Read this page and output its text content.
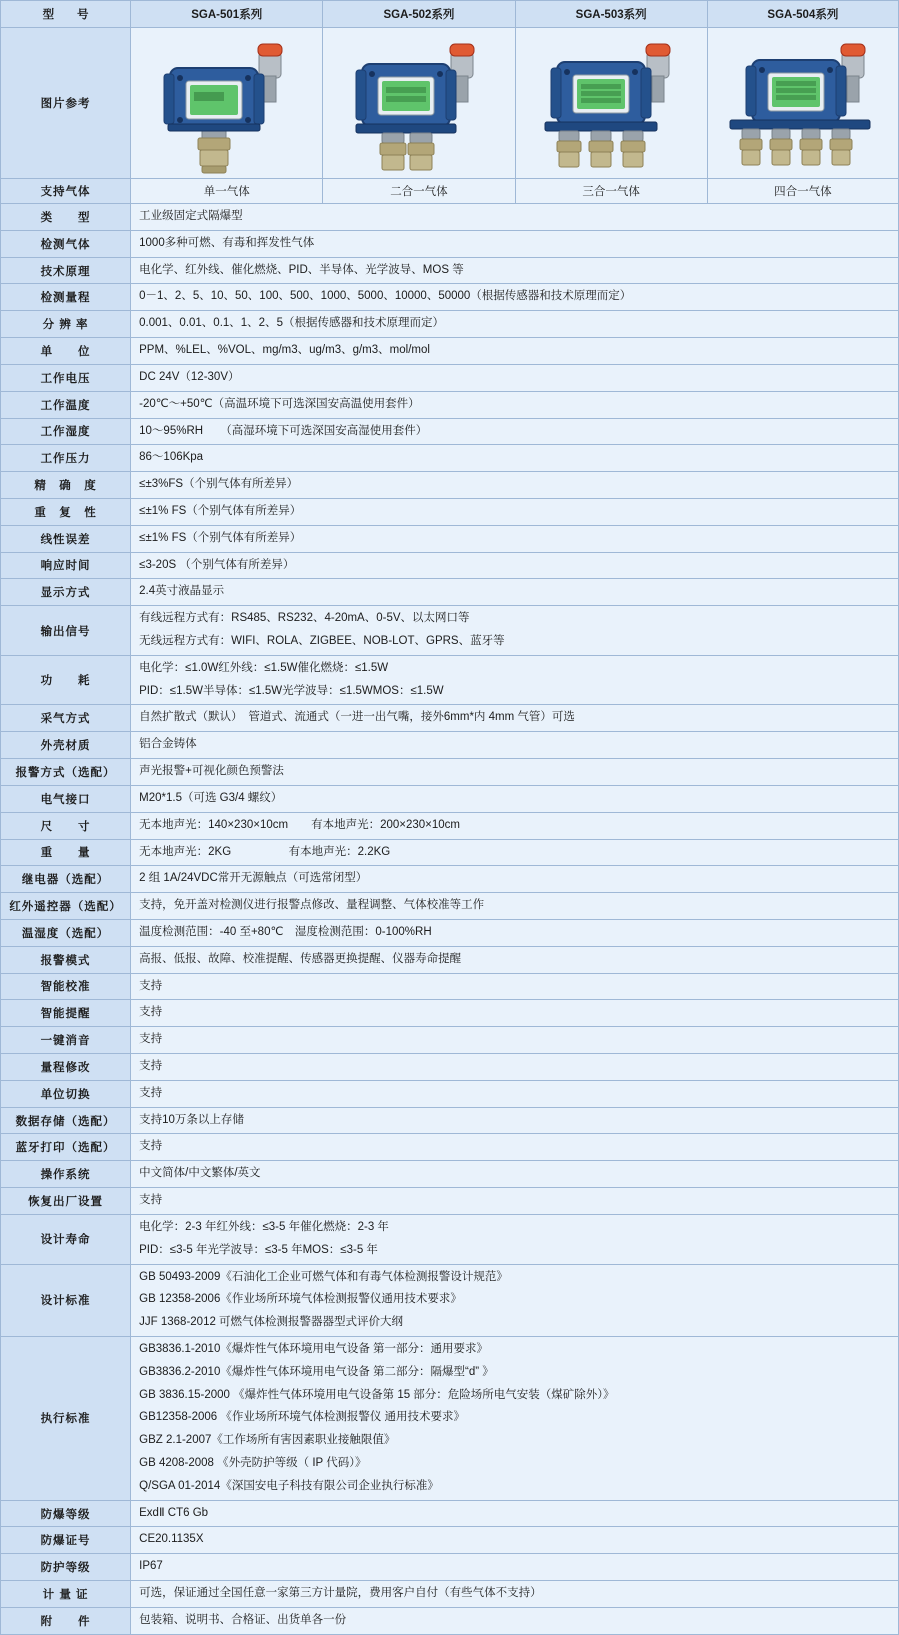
型　　号	SGA-501系列	SGA-502系列	SGA-503系列	SGA-504系列
图片参考	

支持气体	单一气体	二合一气体	三合一气体	四合一气体
类　　型	工业级固定式隔爆型			
检测气体	1000多种可燃、有毒和挥发性气体			
技术原理	电化学、红外线、催化燃烧、PID、半导体、光学波导、MOS 等			
检测量程	0－1、2、5、10、50、100、500、1000、5000、10000、50000（根据传感器和技术原理而定）			
分 辨 率	0.001、0.01、0.1、1、2、5（根据传感器和技术原理而定）			
单　　位	PPM、%LEL、%VOL、mg/m3、ug/m3、g/m3、mol/mol			
工作电压	DC 24V（12-30V）			
工作温度	-20℃～+50℃（高温环境下可选深国安高温使用套件）			
工作湿度	10～95%RH　　（高湿环境下可选深国安高湿使用套件）			
工作压力	86～106Kpa			
精　确　度	≤±3%FS（个别气体有所差异）			
重　复　性	≤±1% FS（个别气体有所差异）			
线性误差	≤±1% FS（个别气体有所差异）			
响应时间	≤3-20S （个别气体有所差异）			
显示方式	2.4英寸液晶显示			
输出信号	有线远程方式有：RS485、RS232、4-20mA、0-5V、以太网口等
无线远程方式有：WIFI、ROLA、ZIGBEE、NOB-LOT、GPRS、蓝牙等			

功　　耗	电化学：≤1.0W红外线：≤1.5W催化燃烧：≤1.5W
PID：≤1.5W半导体：≤1.5W光学波导：≤1.5WMOS：≤1.5W			

采气方式	自然扩散式（默认）　管道式、流通式（一进一出气嘴，接外6mm*内 4mm 气管）可选			
外壳材质	铝合金铸体			
报警方式（选配）	声光报警+可视化颜色预警法			
电气接口	M20*1.5（可选 G3/4 螺纹）			
尺　　寸	无本地声光：140×230×10cm　　有本地声光：200×230×10cm			
重　　量	无本地声光：2KG　　　　　有本地声光：2.2KG			
继电器（选配）	2 组 1A/24VDC常开无源触点（可选常闭型）			
红外遥控器（选配）	支持，免开盖对检测仪进行报警点修改、量程调整、气体校准等工作			
温湿度（选配）	温度检测范围：-40 至+80℃　湿度检测范围：0-100%RH			
报警模式	高报、低报、故障、校准提醒、传感器更换提醒、仪器寿命提醒			
智能校准	支持			
智能提醒	支持			
一键消音	支持			
量程修改	支持			
单位切换	支持			
数据存储（选配）	支持10万条以上存储			
蓝牙打印（选配）	支持			
操作系统	中文简体/中文繁体/英文			
恢复出厂设置	支持			
设计寿命	电化学：2-3 年红外线：≤3-5 年催化燃烧：2-3 年
PID：≤3-5 年光学波导：≤3-5 年MOS：≤3-5 年			

设计标准	GB 50493-2009《石油化工企业可燃气体和有毒气体检测报警设计规范》
GB 12358-2006《作业场所环境气体检测报警仪通用技术要求》
JJF 1368-2012 可燃气体检测报警器器型式评价大纲			

执行标准	
GB3836.1-2010《爆炸性气体环境用电气设备 第一部分：通用要求》
GB3836.2-2010《爆炸性气体环境用电气设备 第二部分：隔爆型“d” 》
GB 3836.15-2000 《爆炸性气体环境用电气设备第 15 部分：危险场所电气安装（煤矿除外）》
GB12358-2006 《作业场所环境气体检测报警仪 通用技术要求》
GBZ 2.1-2007《工作场所有害因素职业接触限值》
GB 4208-2008 《外壳防护等级（ IP 代码）》
Q/SGA 01-2014《深国安电子科技有限公司企业执行标准》

防爆等级	ExdⅡ CT6 Gb			
防爆证号	CE20.1135X			
防护等级	IP67			
计 量 证	可选，保证通过全国任意一家第三方计量院，费用客户自付（有些气体不支持）			
附　　件	包装箱、说明书、合格证、出货单各一份			
